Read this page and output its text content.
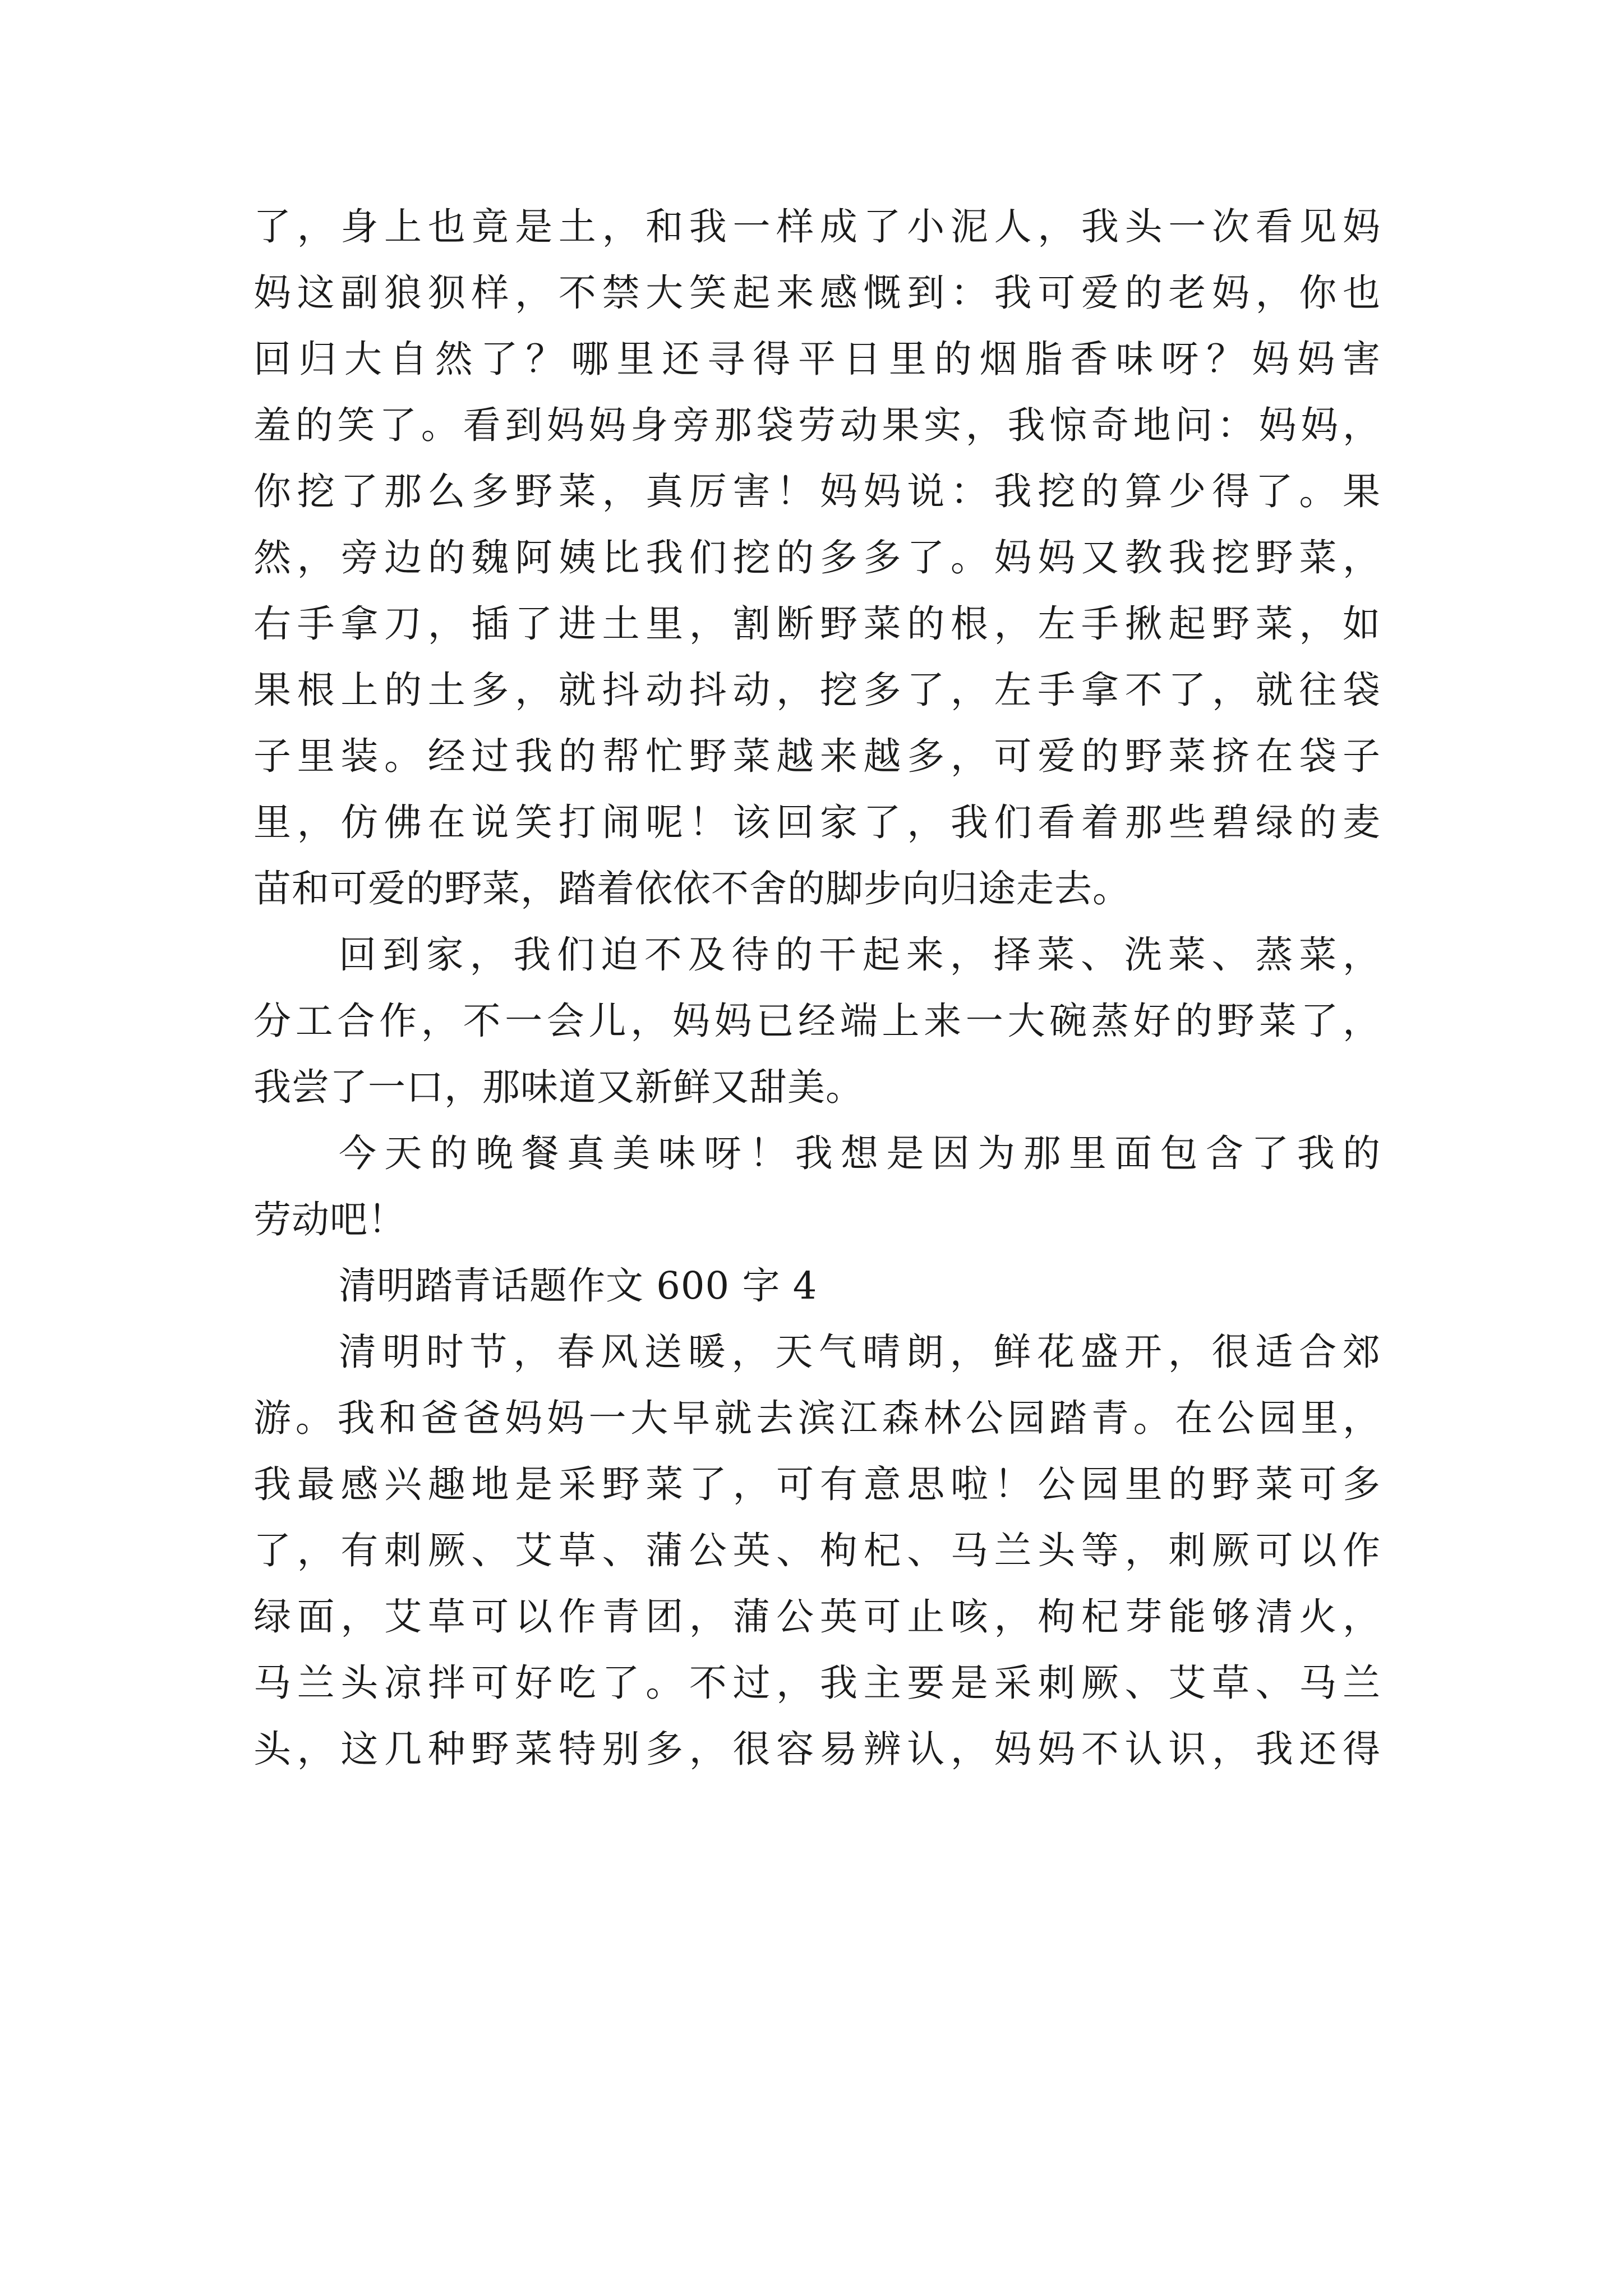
了，身上也竟是土，和我一样成了小泥人，我头一次看见妈
妈这副狼狈样，不禁大笑起来感慨到：我可爱的老妈，你也
回归大自然了？哪里还寻得平日里的烟脂香味呀？妈妈害
羞的笑了。看到妈妈身旁那袋劳动果实，我惊奇地问：妈妈，
你挖了那么多野菜，真厉害！妈妈说：我挖的算少得了。果
然，旁边的魏阿姨比我们挖的多多了。妈妈又教我挖野菜，
右手拿刀，插了进土里，割断野菜的根，左手揪起野菜，如
果根上的土多，就抖动抖动，挖多了，左手拿不了，就往袋
子里装。经过我的帮忙野菜越来越多，可爱的野菜挤在袋子
里，仿佛在说笑打闹呢！该回家了，我们看着那些碧绿的麦
苗和可爱的野菜，踏着依依不舍的脚步向归途走去。
回到家，我们迫不及待的干起来，择菜、洗菜、蒸菜，
分工合作，不一会儿，妈妈已经端上来一大碗蒸好的野菜了，
我尝了一口，那味道又新鲜又甜美。
今天的晚餐真美味呀！我想是因为那里面包含了我的
劳动吧！
清明踏青话题作文 600 字 4
清明时节，春风送暖，天气晴朗，鲜花盛开，很适合郊
游。我和爸爸妈妈一大早就去滨江森林公园踏青。在公园里，
我最感兴趣地是采野菜了，可有意思啦！公园里的野菜可多
了，有刺厥、艾草、蒲公英、枸杞、马兰头等，刺厥可以作
绿面，艾草可以作青团，蒲公英可止咳，枸杞芽能够清火，
马兰头凉拌可好吃了。不过，我主要是采刺厥、艾草、马兰
头，这几种野菜特别多，很容易辨认，妈妈不认识，我还得
